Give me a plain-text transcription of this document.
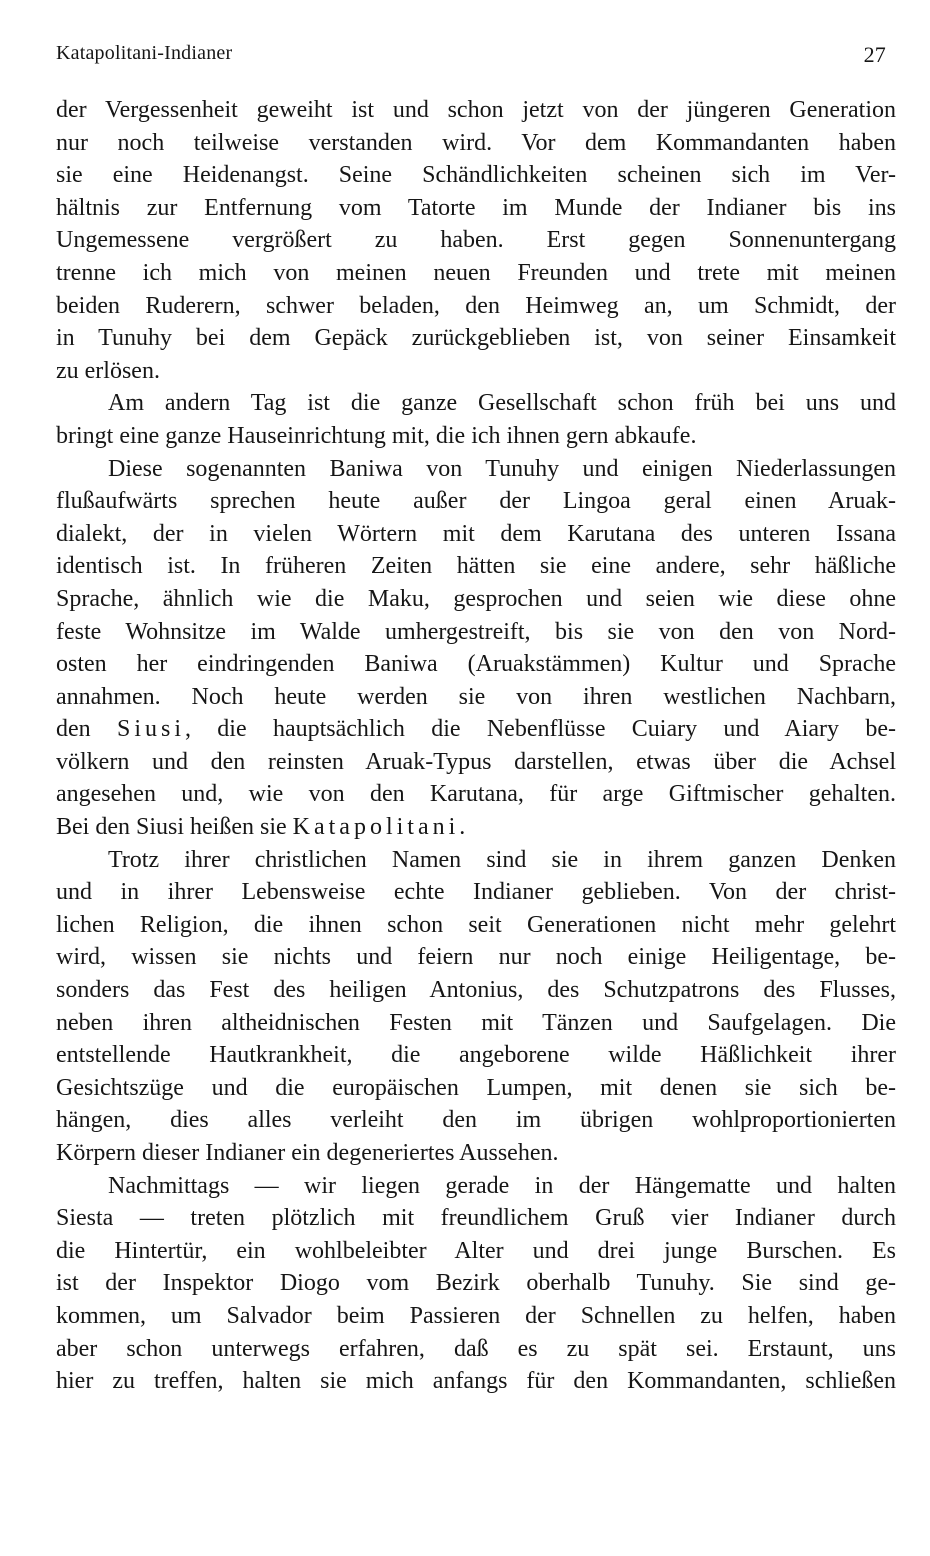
Katapolitani-Indianer	27
der Vergessenheit geweiht ist und schon jetzt von der jüngeren Generation
nur noch teilweise verstanden wird. Vor dem Kommandanten haben
sie eine Heidenangst. Seine Schändlichkeiten scheinen sich im Ver-
hältnis zur Entfernung vom Tatorte im Munde der Indianer bis ins
Ungemessene vergrößert zu haben. Erst gegen Sonnenuntergang
trenne ich mich von meinen neuen Freunden und trete mit meinen
beiden Ruderern, schwer beladen, den Heimweg an, um Schmidt, der
in Tunuhy bei dem Gepäck zurückgeblieben ist, von seiner Einsamkeit
zu erlösen.
Am andern Tag ist die ganze Gesellschaft schon früh bei uns und
bringt eine ganze Hauseinrichtung mit, die ich ihnen gern abkaufe.
Diese sogenannten Baniwa von Tunuhy und einigen Niederlassungen
flußaufwärts sprechen heute außer der Lingoa geral einen Aruak-
dialekt, der in vielen Wörtern mit dem Karutana des unteren Issana
identisch ist. In früheren Zeiten hätten sie eine andere, sehr häßliche
Sprache, ähnlich wie die Maku, gesprochen und seien wie diese ohne
feste Wohnsitze im Walde umhergestreift, bis sie von den von Nord-
osten her eindringenden Baniwa (Aruakstämmen) Kultur und Sprache
annahmen. Noch heute werden sie von ihren westlichen Nachbarn,
den Siusi, die hauptsächlich die Nebenflüsse Cuiary und Aiary be-
völkern und den reinsten Aruak-Typus darstellen, etwas über die Achsel
angesehen und, wie von den Karutana, für arge Giftmischer gehalten.
Bei den Siusi heißen sie Katapolitani.
Trotz ihrer christlichen Namen sind sie in ihrem ganzen Denken
und in ihrer Lebensweise echte Indianer geblieben. Von der christ-
lichen Religion, die ihnen schon seit Generationen nicht mehr gelehrt
wird, wissen sie nichts und feiern nur noch einige Heiligentage, be-
sonders das Fest des heiligen Antonius, des Schutzpatrons des Flusses,
neben ihren altheidnischen Festen mit Tänzen und Saufgelagen. Die
entstellende Hautkrankheit, die angeborene wilde Häßlichkeit ihrer
Gesichtszüge und die europäischen Lumpen, mit denen sie sich be-
hängen, dies alles verleiht den im übrigen wohlproportionierten
Körpern dieser Indianer ein degeneriertes Aussehen.
Nachmittags — wir liegen gerade in der Hängematte und halten
Siesta — treten plötzlich mit freundlichem Gruß vier Indianer durch
die Hintertür, ein wohlbeleibter Alter und drei junge Burschen. Es
ist der Inspektor Diogo vom Bezirk oberhalb Tunuhy. Sie sind ge-
kommen, um Salvador beim Passieren der Schnellen zu helfen, haben
aber schon unterwegs erfahren, daß es zu spät sei. Erstaunt, uns
hier zu treffen, halten sie mich anfangs für den Kommandanten, schließen
